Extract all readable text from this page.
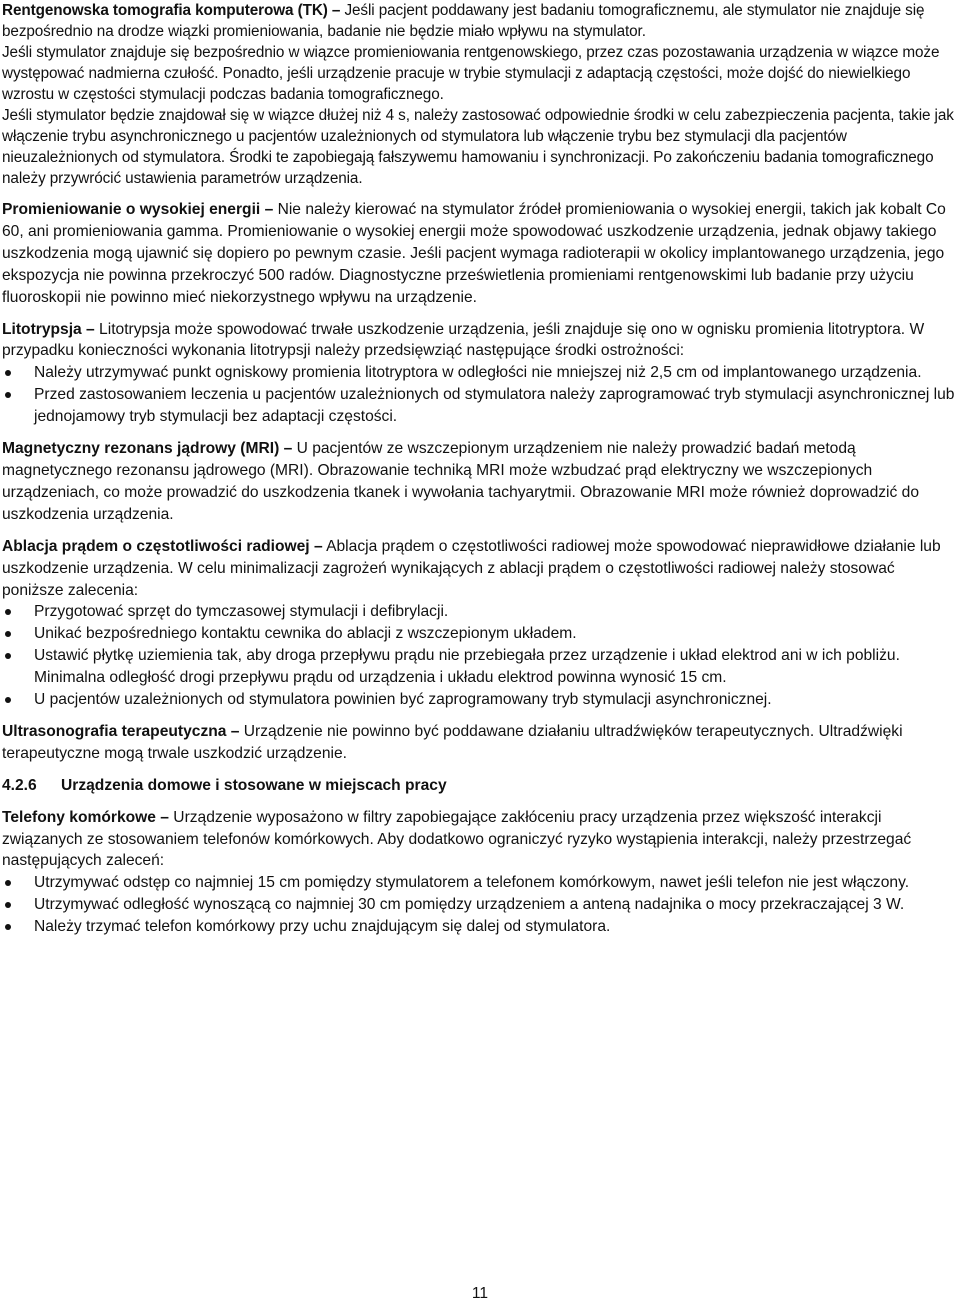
Rentgenowska tomografia komputerowa (TK) – Jeśli pacjent poddawany jest badaniu tomograficznemu, ale stymulator nie znajduje się bezpośrednio na drodze wiązki promieniowania, badanie nie będzie miało wpływu na stymulator.

Jeśli stymulator znajduje się bezpośrednio w wiązce promieniowania rentgenowskiego, przez czas pozostawania urządzenia w wiązce może występować nadmierna czułość. Ponadto, jeśli urządzenie pracuje w trybie stymulacji z adaptacją częstości, może dojść do niewielkiego wzrostu w częstości stymulacji podczas badania tomograficznego.

Jeśli stymulator będzie znajdował się w wiązce dłużej niż 4 s, należy zastosować odpowiednie środki w celu zabezpieczenia pacjenta, takie jak włączenie trybu asynchronicznego u pacjentów uzależnionych od stymulatora lub włączenie trybu bez stymulacji dla pacjentów nieuzależnionych od stymulatora. Środki te zapobiegają fałszywemu hamowaniu i synchronizacji. Po zakończeniu badania tomograficznego należy przywrócić ustawienia parametrów urządzenia.

Promieniowanie o wysokiej energii – Nie należy kierować na stymulator źródeł promieniowania o wysokiej energii, takich jak kobalt Co 60, ani promieniowania gamma. Promieniowanie o wysokiej energii może spowodować uszkodzenie urządzenia, jednak objawy takiego uszkodzenia mogą ujawnić się dopiero po pewnym czasie. Jeśli pacjent wymaga radioterapii w okolicy implantowanego urządzenia, jego ekspozycja nie powinna przekroczyć 500 radów. Diagnostyczne prześwietlenia promieniami rentgenowskimi lub badanie przy użyciu fluoroskopii nie powinno mieć niekorzystnego wpływu na urządzenie.

Litotrypsja – Litotrypsja może spowodować trwałe uszkodzenie urządzenia, jeśli znajduje się ono w ognisku promienia litotryptora. W przypadku konieczności wykonania litotrypsji należy przedsięwziąć następujące środki ostrożności:

Należy utrzymywać punkt ogniskowy promienia litotryptora w odległości nie mniejszej niż 2,5 cm od implantowanego urządzenia.
Przed zastosowaniem leczenia u pacjentów uzależnionych od stymulatora należy zaprogramować tryb stymulacji asynchronicznej lub jednojamowy tryb stymulacji bez adaptacji częstości.

Magnetyczny rezonans jądrowy (MRI) – U pacjentów ze wszczepionym urządzeniem nie należy prowadzić badań metodą magnetycznego rezonansu jądrowego (MRI). Obrazowanie techniką MRI może wzbudzać prąd elektryczny we wszczepionych urządzeniach, co może prowadzić do uszkodzenia tkanek i wywołania tachyarytmii. Obrazowanie MRI może również doprowadzić do uszkodzenia urządzenia.

Ablacja prądem o częstotliwości radiowej – Ablacja prądem o częstotliwości radiowej może spowodować nieprawidłowe działanie lub uszkodzenie urządzenia. W celu minimalizacji zagrożeń wynikających z ablacji prądem o częstotliwości radiowej należy stosować poniższe zalecenia:

Przygotować sprzęt do tymczasowej stymulacji i defibrylacji.
Unikać bezpośredniego kontaktu cewnika do ablacji z wszczepionym układem.
Ustawić płytkę uziemienia tak, aby droga przepływu prądu nie przebiegała przez urządzenie i układ elektrod ani w ich pobliżu. Minimalna odległość drogi przepływu prądu od urządzenia i układu elektrod powinna wynosić 15 cm.
U pacjentów uzależnionych od stymulatora powinien być zaprogramowany tryb stymulacji asynchronicznej.

Ultrasonografia terapeutyczna – Urządzenie nie powinno być poddawane działaniu ultradźwięków terapeutycznych. Ultradźwięki terapeutyczne mogą trwale uszkodzić urządzenie.

4.2.6 Urządzenia domowe i stosowane w miejscach pracy

Telefony komórkowe – Urządzenie wyposażono w filtry zapobiegające zakłóceniu pracy urządzenia przez większość interakcji związanych ze stosowaniem telefonów komórkowych. Aby dodatkowo ograniczyć ryzyko wystąpienia interakcji, należy przestrzegać następujących zaleceń:

Utrzymywać odstęp co najmniej 15 cm pomiędzy stymulatorem a telefonem komórkowym, nawet jeśli telefon nie jest włączony.
Utrzymywać odległość wynoszącą co najmniej 30 cm pomiędzy urządzeniem a anteną nadajnika o mocy przekraczającej 3 W.
Należy trzymać telefon komórkowy przy uchu znajdującym się dalej od stymulatora.
11
